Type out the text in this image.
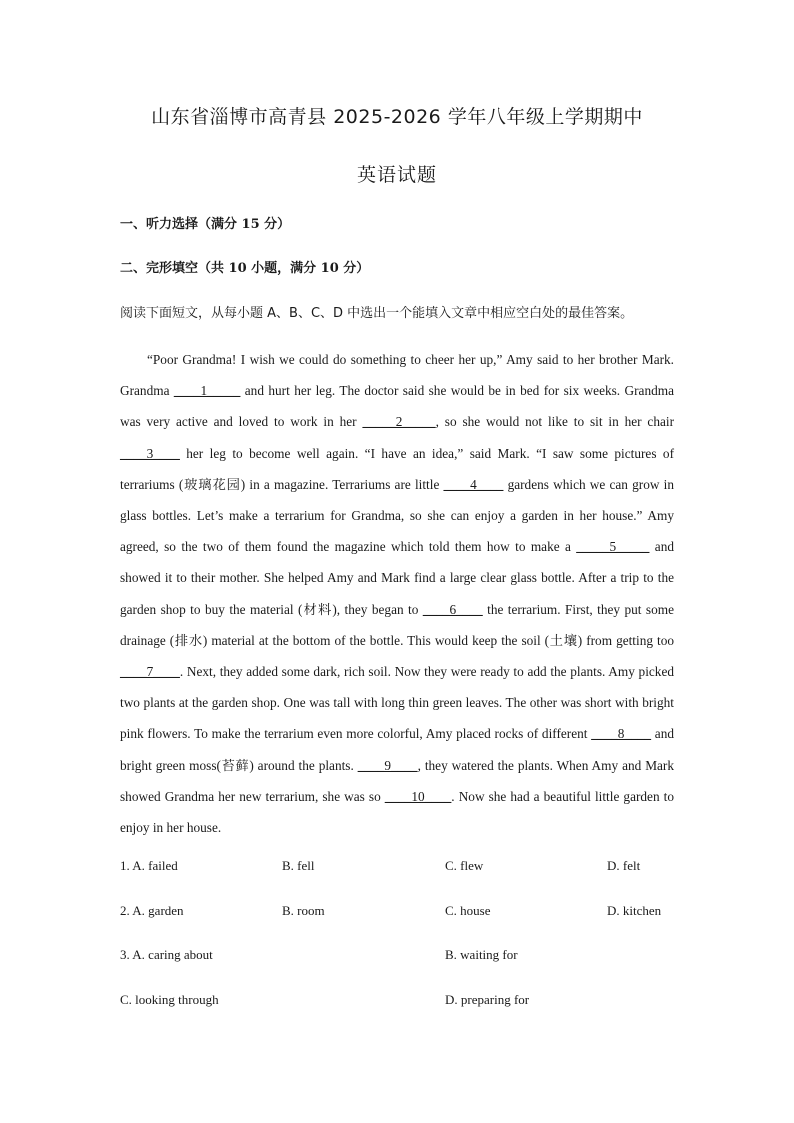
山东省淄博市高青县 2025-2026 学年八年级上学期期中
英语试题
一、听力选择（满分 15 分）
二、完形填空（共 10 小题，满分 10 分）
阅读下面短文，从每小题 A、B、C、D 中选出一个能填入文章中相应空白处的最佳答案。

“Poor Grandma! I wish we could do something to cheer her up,” Amy said to her brother Mark. Grandma ____1_____ and hurt her leg. The doctor said she would be in bed for six weeks. Grandma was very active and loved to work in her _____2_____, so she would not like to sit in her chair ____3____ her leg to become well again. “I have an idea,” said Mark. “I saw some pictures of terrariums (玻璃花园) in a magazine. Terrariums are little ____4____ gardens which we can grow in glass bottles. Let’s make a terrarium for Grandma, so she can enjoy a garden in her house.” Amy agreed, so the two of them found the magazine which told them how to make a _____5_____ and showed it to their mother. She helped Amy and Mark find a large clear glass bottle. After a trip to the garden shop to buy the material (材料), they began to ____6____ the terrarium. First, they put some drainage (排水) material at the bottom of the bottle. This would keep the soil (土壤) from getting too ____7____. Next, they added some dark, rich soil. Now they were ready to add the plants. Amy picked two plants at the garden shop. One was tall with long thin green leaves. The other was short with bright pink flowers. To make the terrarium even more colorful, Amy placed rocks of different ____8____ and bright green moss(苔藓) around the plants. ____9____, they watered the plants. When Amy and Mark showed Grandma her new terrarium, she was so ____10____. Now she had a beautiful little garden to enjoy in her house.

1. A. failed	B. fell	C. flew	D. felt
2. A. garden	B. room	C. house	D. kitchen
3. A. caring about	B. waiting for
C. looking through	D. preparing for
